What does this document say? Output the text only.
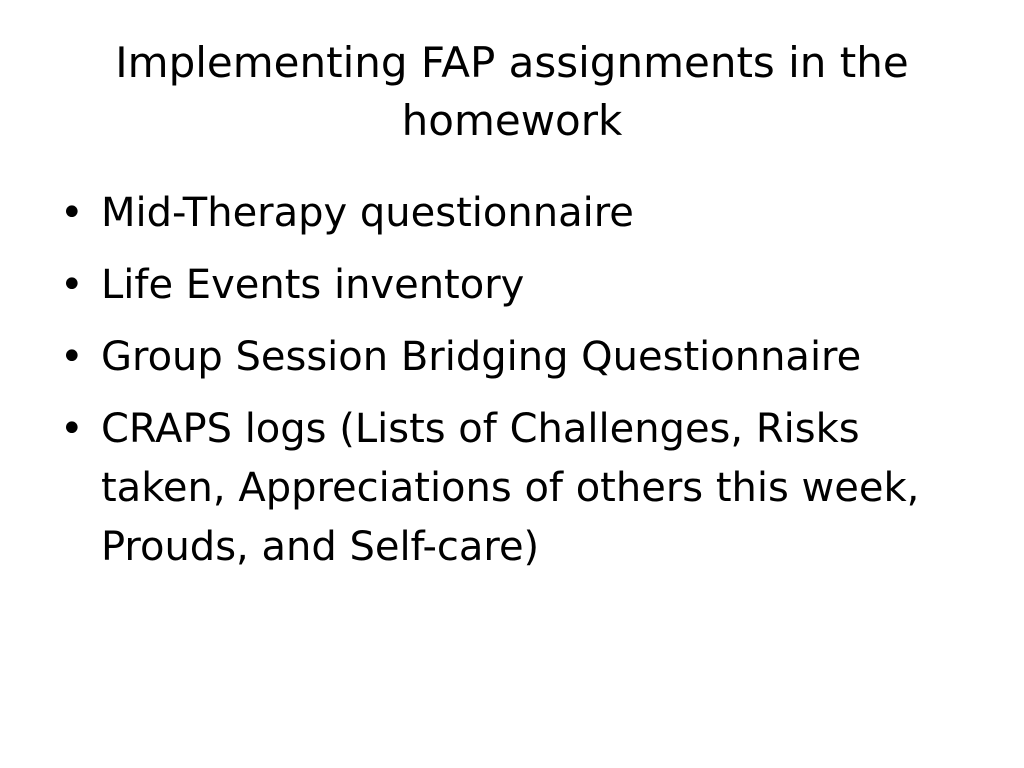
Implementing FAP assignments in the homework
• Mid-Therapy questionnaire
• Life Events inventory
• Group Session Bridging Questionnaire
• CRAPS logs (Lists of Challenges, Risks taken, Appreciations of others this week, Prouds, and Self-care)
